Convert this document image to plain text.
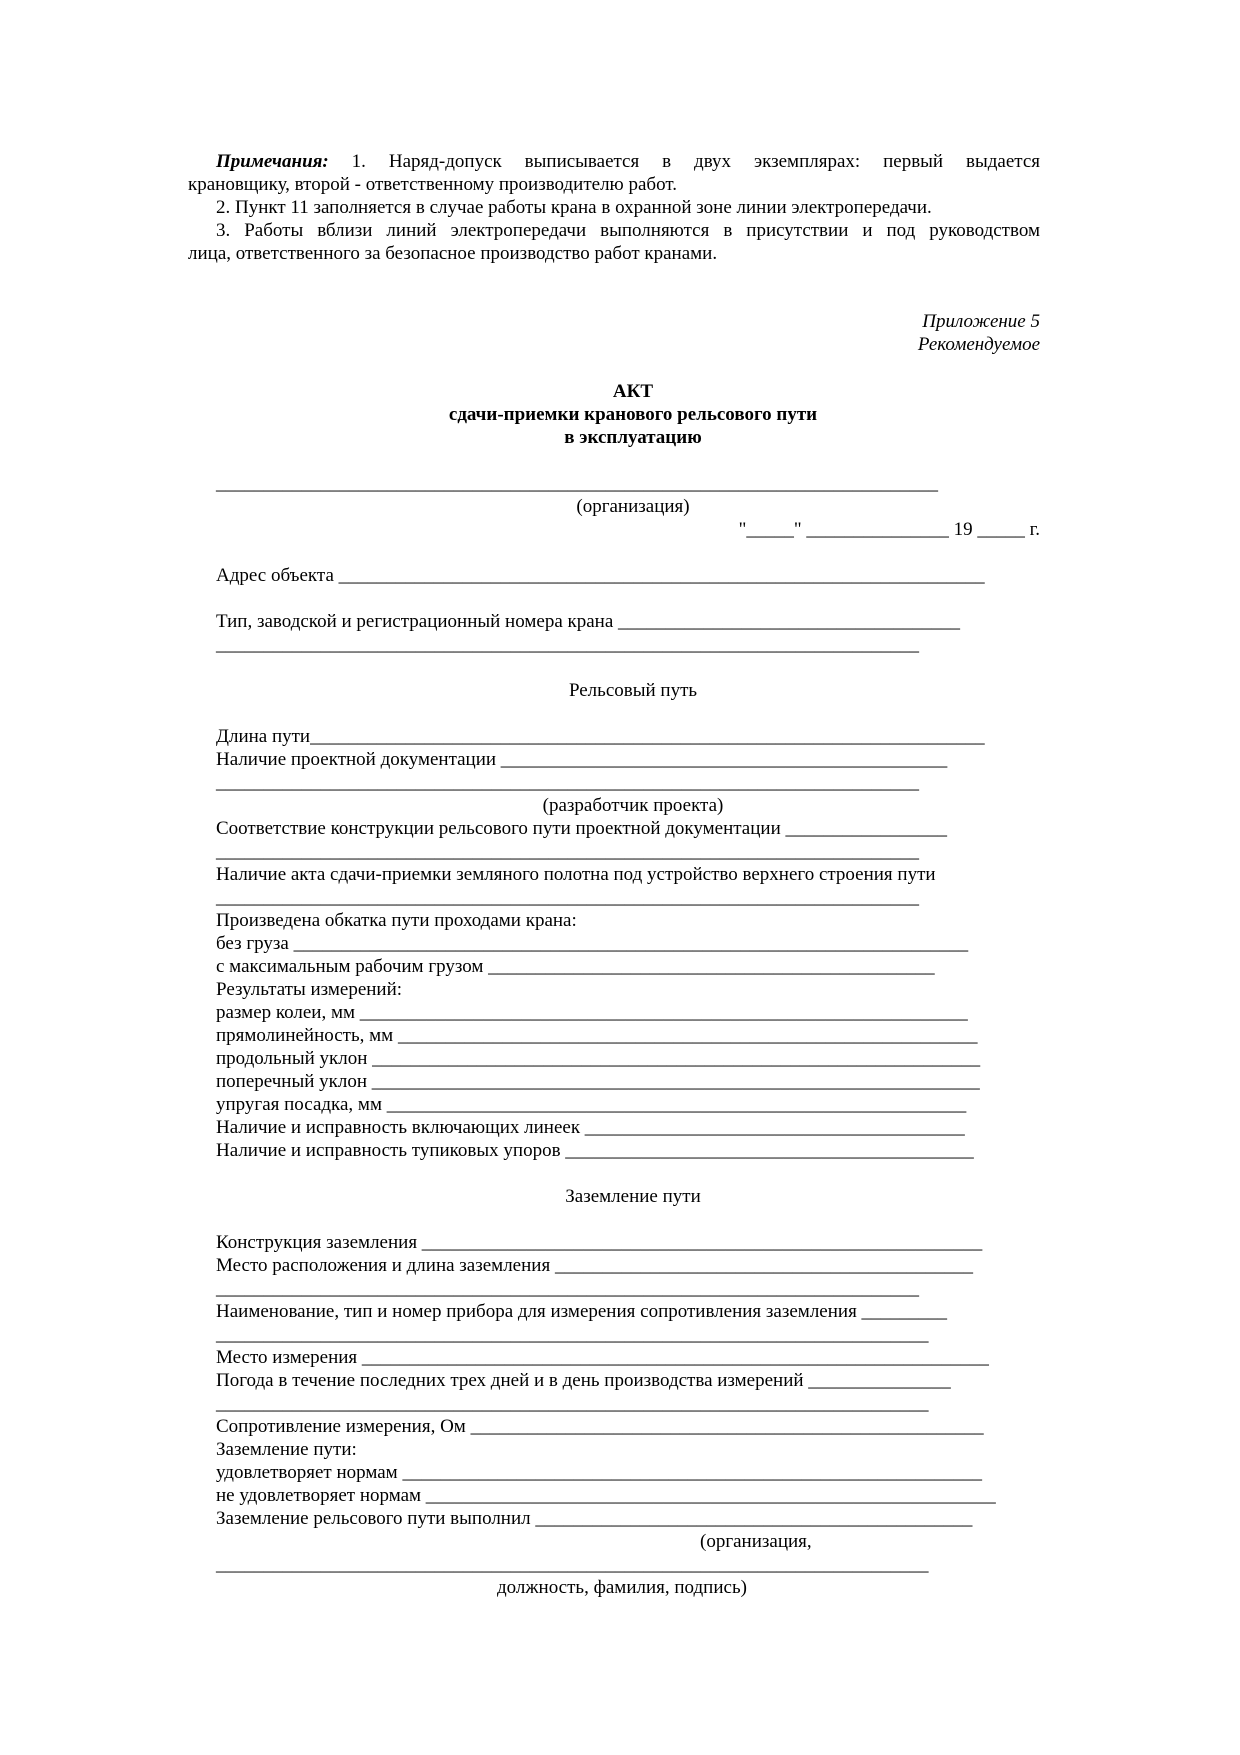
Примечания: 1. Наряд-допуск выписывается в двух экземплярах: первый выдается
крановщику, второй - ответственному производителю работ.
2. Пункт 11 заполняется в случае работы крана в охранной зоне линии электропередачи.
3. Работы вблизи линий электропередачи выполняются в присутствии и под руководством
лица, ответственного за безопасное производство работ кранами.
Приложение 5
Рекомендуемое
АКТ
сдачи-приемки кранового рельсового пути
в эксплуатацию
____________________________________________________________________________
(организация)
"_____" _______________ 19 _____ г.
Адрес объекта ____________________________________________________________________
Тип, заводской и регистрационный номера крана ____________________________________
__________________________________________________________________________
Рельсовый путь
Длина пути_______________________________________________________________________
Наличие проектной документации _______________________________________________
__________________________________________________________________________
(разработчик проекта)
Соответствие конструкции рельсового пути проектной документации _________________
__________________________________________________________________________
Наличие акта сдачи-приемки земляного полотна под устройство верхнего строения пути
__________________________________________________________________________
Произведена обкатка пути проходами крана:
без груза _______________________________________________________________________
с максимальным рабочим грузом _______________________________________________
Результаты измерений:
размер колеи, мм ________________________________________________________________
прямолинейность, мм _____________________________________________________________
продольный уклон ________________________________________________________________
поперечный уклон ________________________________________________________________
упругая посадка, мм _____________________________________________________________
Наличие и исправность включающих линеек ________________________________________
Наличие и исправность тупиковых упоров ___________________________________________
Заземление пути
Конструкция заземления ___________________________________________________________
Место расположения и длина заземления ____________________________________________
__________________________________________________________________________
Наименование, тип и номер прибора для измерения сопротивления заземления _________
___________________________________________________________________________
Место измерения __________________________________________________________________
Погода в течение последних трех дней и в день производства измерений _______________
___________________________________________________________________________
Сопротивление измерения, Ом ______________________________________________________
Заземление пути:
удовлетворяет нормам _____________________________________________________________
не удовлетворяет нормам ____________________________________________________________
Заземление рельсового пути выполнил ______________________________________________
(организация,
___________________________________________________________________________
должность, фамилия, подпись)
